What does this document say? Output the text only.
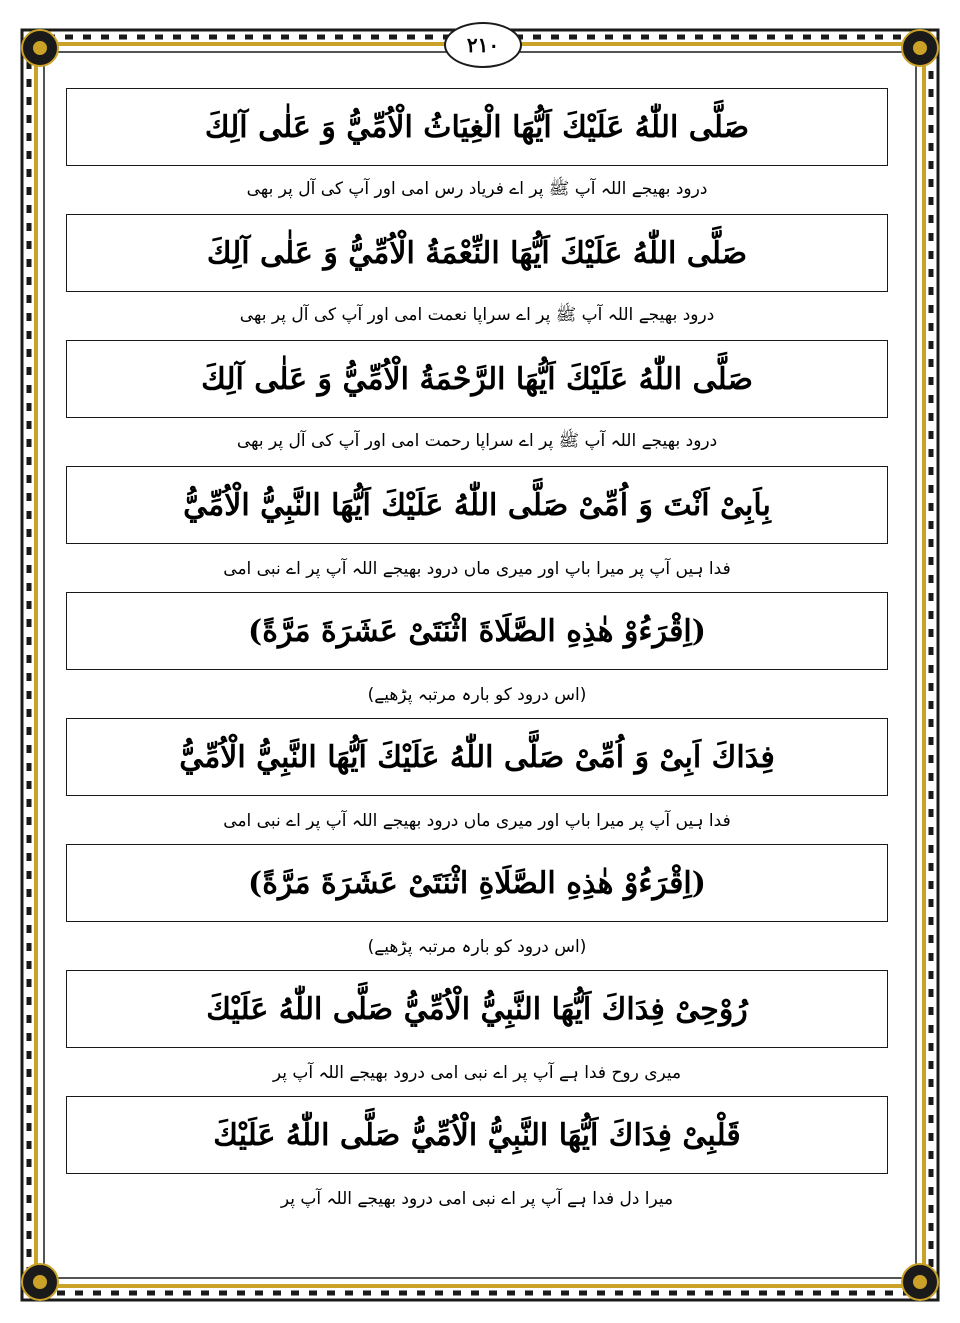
۲۱۰
صَلَّى اللّٰهُ عَلَيْكَ اَيُّهَا الْغِيَاثُ الْاُمِّيُّ وَ عَلٰى آلِكَ
درود بھیجے اللہ آپ ﷺ پر اے فریاد رس امی اور آپ کی آل پر بھی
صَلَّى اللّٰهُ عَلَيْكَ اَيُّهَا النِّعْمَةُ الْاُمِّيُّ وَ عَلٰى آلِكَ
درود بھیجے اللہ آپ ﷺ پر اے سراپا نعمت امی اور آپ کی آل پر بھی
صَلَّى اللّٰهُ عَلَيْكَ اَيُّهَا الرَّحْمَةُ الْاُمِّيُّ وَ عَلٰى آلِكَ
درود بھیجے اللہ آپ ﷺ پر اے سراپا رحمت امی اور آپ کی آل پر بھی
بِاَبِىْ اَنْتَ وَ اُمِّىْ صَلَّى اللّٰهُ عَلَيْكَ اَيُّهَا النَّبِيُّ الْاُمِّيُّ
فدا ہیں آپ پر میرا باپ اور میری ماں درود بھیجے اللہ آپ پر اے نبی امی
(اِقْرَءُوْ هٰذِهِ الصَّلَاةَ اثْنَتَىْ عَشَرَةَ مَرَّةً)
(اس درود کو بارہ مرتبہ پڑھیے)
فِدَاكَ اَبِىْ وَ اُمِّىْ صَلَّى اللّٰهُ عَلَيْكَ اَيُّهَا النَّبِيُّ الْاُمِّيُّ
فدا ہیں آپ پر میرا باپ اور میری ماں درود بھیجے اللہ آپ پر اے نبی امی
(اِقْرَءُوْ هٰذِهِ الصَّلَاةِ اثْنَتَىْ عَشَرَةَ مَرَّةً)
(اس درود کو بارہ مرتبہ پڑھیے)
رُوْحِىْ فِدَاكَ اَيُّهَا النَّبِيُّ الْاُمِّيُّ صَلَّى اللّٰهُ عَلَيْكَ
میری روح فدا ہے آپ پر اے نبی امی درود بھیجے اللہ آپ پر
قَلْبِىْ فِدَاكَ اَيُّهَا النَّبِيُّ الْاُمِّيُّ صَلَّى اللّٰهُ عَلَيْكَ
میرا دل فدا ہے آپ پر اے نبی امی درود بھیجے اللہ آپ پر
